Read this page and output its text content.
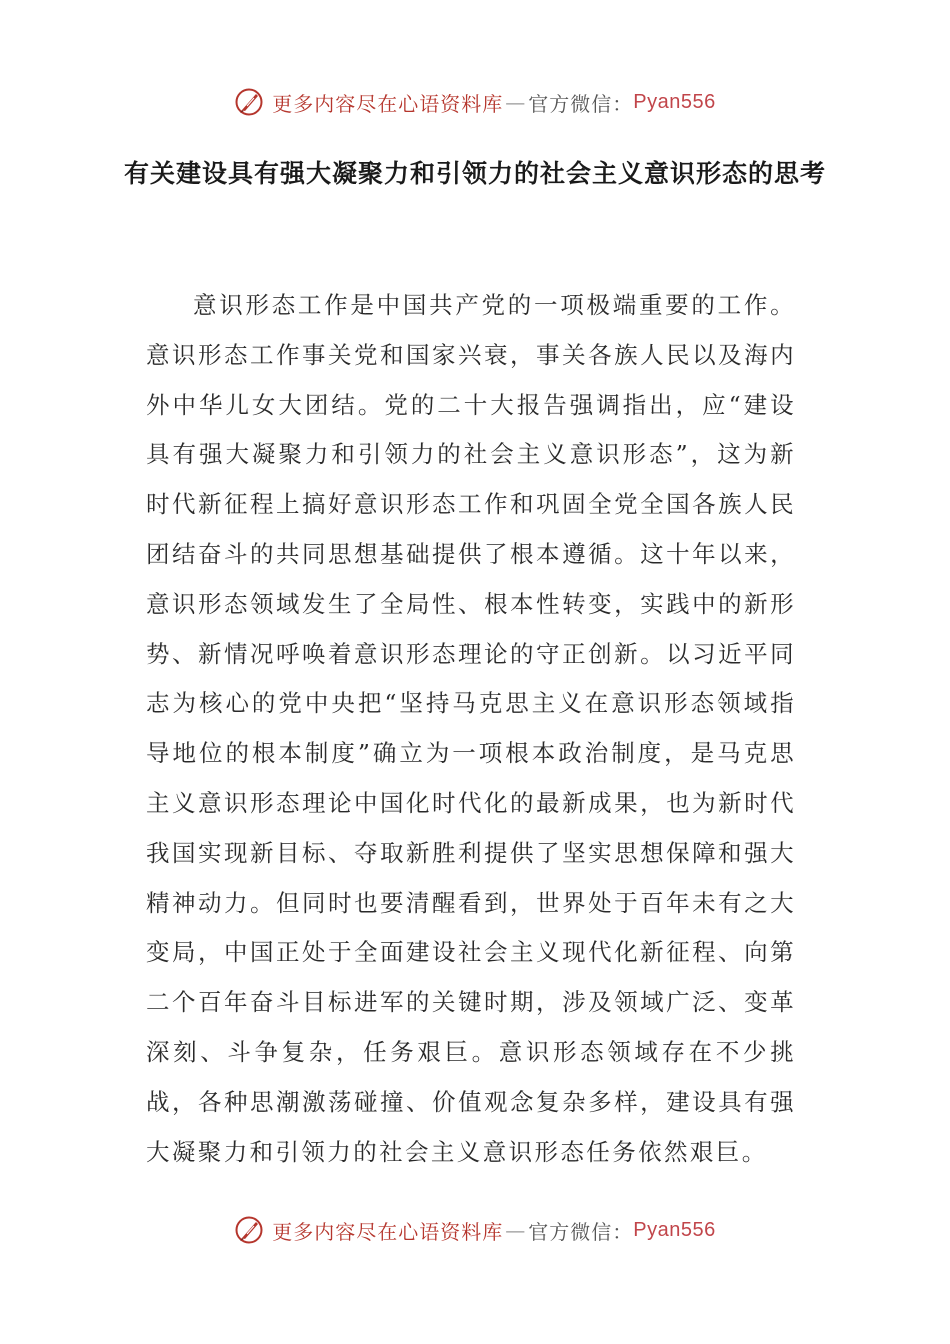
更多内容尽在心语资料库 — 官方微信： Pyan556
有关建设具有强大凝聚力和引领力的社会主义意识形态的思考

意识形态工作是中国共产党的一项极端重要的工作。意识形态工作事关党和国家兴衰，事关各族人民以及海内外中华儿女大团结。党的二十大报告强调指出，应“建设具有强大凝聚力和引领力的社会主义意识形态”，这为新时代新征程上搞好意识形态工作和巩固全党全国各族人民团结奋斗的共同思想基础提供了根本遵循。这十年以来，意识形态领域发生了全局性、根本性转变，实践中的新形势、新情况呼唤着意识形态理论的守正创新。以习近平同志为核心的党中央把“坚持马克思主义在意识形态领域指导地位的根本制度”确立为一项根本政治制度，是马克思主义意识形态理论中国化时代化的最新成果，也为新时代我国实现新目标、夺取新胜利提供了坚实思想保障和强大精神动力。但同时也要清醒看到，世界处于百年未有之大变局，中国正处于全面建设社会主义现代化新征程、向第二个百年奋斗目标进军的关键时期，涉及领域广泛、变革深刻、斗争复杂，任务艰巨。意识形态领域存在不少挑战，各种思潮激荡碰撞、价值观念复杂多样，建设具有强大凝聚力和引领力的社会主义意识形态任务依然艰巨。

更多内容尽在心语资料库 — 官方微信： Pyan556
